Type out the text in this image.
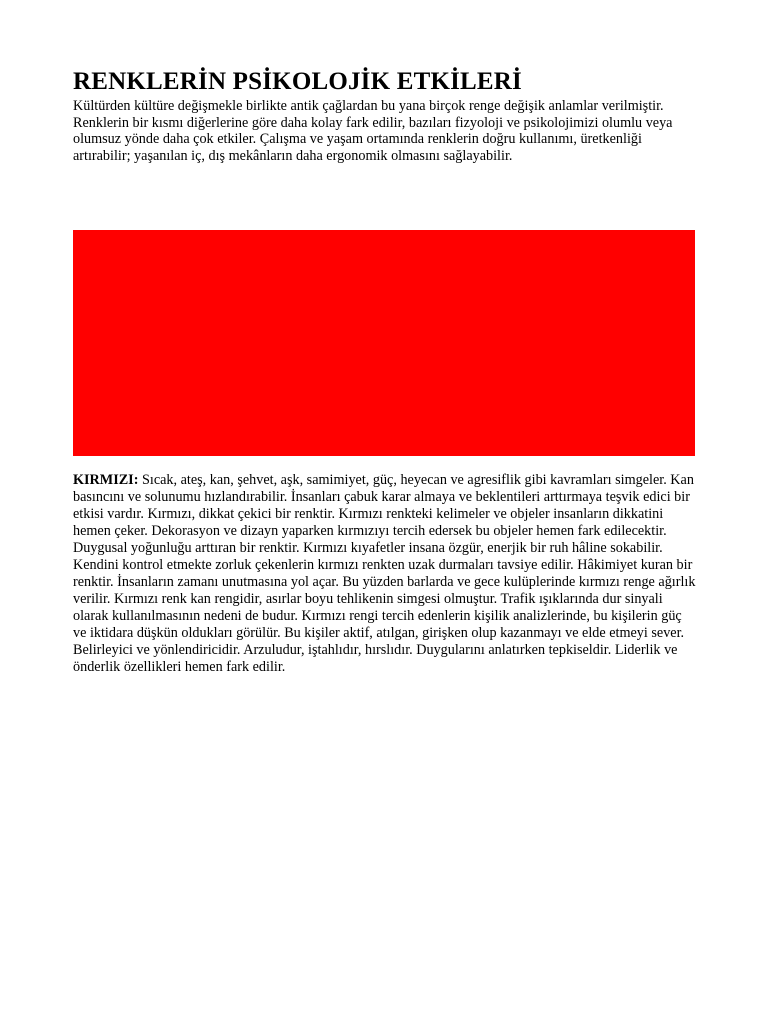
RENKLERİN PSİKOLOJİK ETKİLERİ

Kültürden kültüre değişmekle birlikte antik çağlardan bu yana birçok renge değişik anlamlar verilmiştir. Renklerin bir kısmı diğerlerine göre daha kolay fark edilir, bazıları fizyoloji ve psikolojimizi olumlu veya olumsuz yönde daha çok etkiler. Çalışma ve yaşam ortamında renklerin doğru kullanımı, üretkenliği artırabilir; yaşanılan iç, dış mekânların daha ergonomik olmasını sağlayabilir.

KIRMIZI: Sıcak, ateş, kan, şehvet, aşk, samimiyet, güç, heyecan ve agresiflik gibi kavramları simgeler. Kan basıncını ve solunumu hızlandırabilir. İnsanları çabuk karar almaya ve beklentileri arttırmaya teşvik edici bir etkisi vardır. Kırmızı, dikkat çekici bir renktir. Kırmızı renkteki kelimeler ve objeler insanların dikkatini hemen çeker. Dekorasyon ve dizayn yaparken kırmızıyı tercih edersek bu objeler hemen fark edilecektir. Duygusal yoğunluğu arttıran bir renktir. Kırmızı kıyafetler insana özgür, enerjik bir ruh hâline sokabilir. Kendini kontrol etmekte zorluk çekenlerin kırmızı renkten uzak durmaları tavsiye edilir. Hâkimiyet kuran bir renktir. İnsanların zamanı unutmasına yol açar. Bu yüzden barlarda ve gece kulüplerinde kırmızı renge ağırlık verilir. Kırmızı renk kan rengidir, asırlar boyu tehlikenin simgesi olmuştur. Trafik ışıklarında dur sinyali olarak kullanılmasının nedeni de budur. Kırmızı rengi tercih edenlerin kişilik analizlerinde, bu kişilerin güç ve iktidara düşkün oldukları görülür. Bu kişiler aktif, atılgan, girişken olup kazanmayı ve elde etmeyi sever. Belirleyici ve yönlendiricidir. Arzuludur, iştahlıdır, hırslıdır. Duygularını anlatırken tepkiseldir. Liderlik ve önderlik özellikleri hemen fark edilir.
